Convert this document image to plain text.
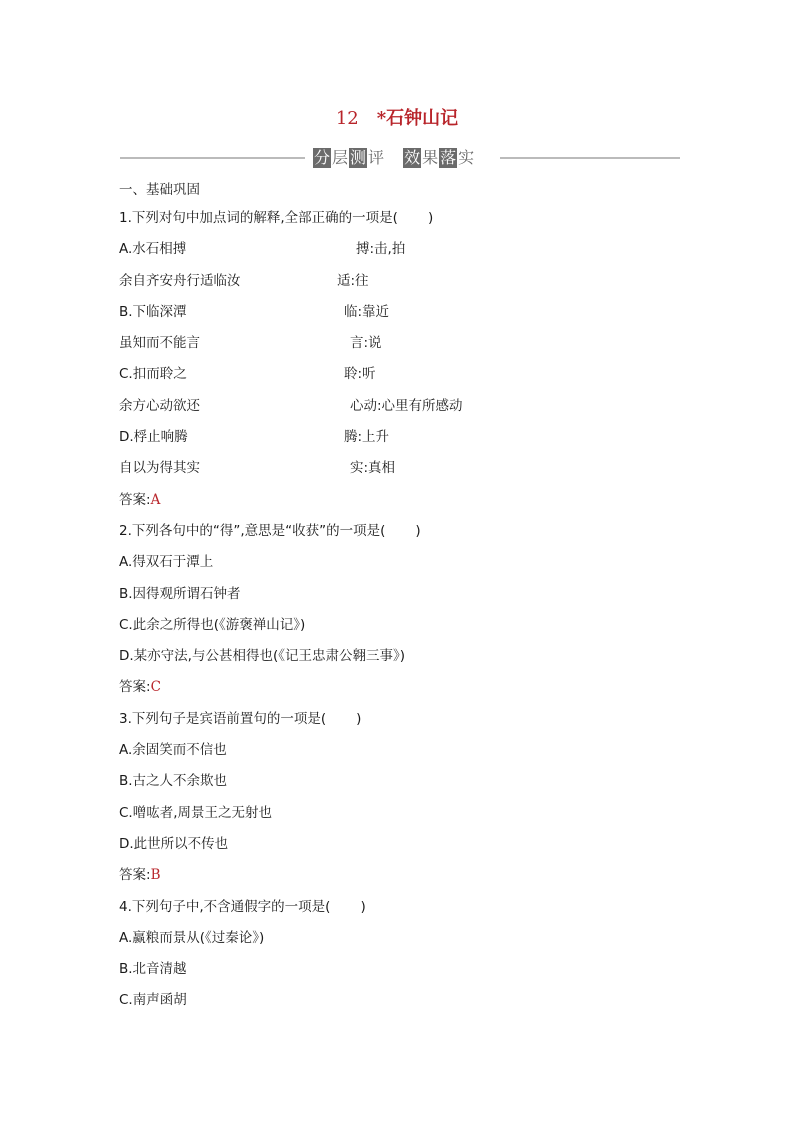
12 *石钟山记
分 层 测 评 效 果 落 实
一、基础巩固
1.下列对句中加点词的解释,全部正确的一项是( )
A.水石相搏	搏:击,拍
余自齐安舟行适临汝	适:往
B.下临深潭	临:靠近
虽知而不能言	言:说
C.扣而聆之	聆:听
余方心动欲还	心动:心里有所感动
D.桴止响腾	腾:上升
自以为得其实	实:真相
答案:A
2.下列各句中的“得”,意思是“收获”的一项是( )
A.得双石于潭上
B.因得观所谓石钟者
C.此余之所得也(《游褒禅山记》)
D.某亦守法,与公甚相得也(《记王忠肃公翱三事》)
答案:C
3.下列句子是宾语前置句的一项是( )
A.余固笑而不信也
B.古之人不余欺也
C.噌吰者,周景王之无射也
D.此世所以不传也
答案:B
4.下列句子中,不含通假字的一项是( )
A.赢粮而景从(《过秦论》)
B.北音清越
C.南声函胡
